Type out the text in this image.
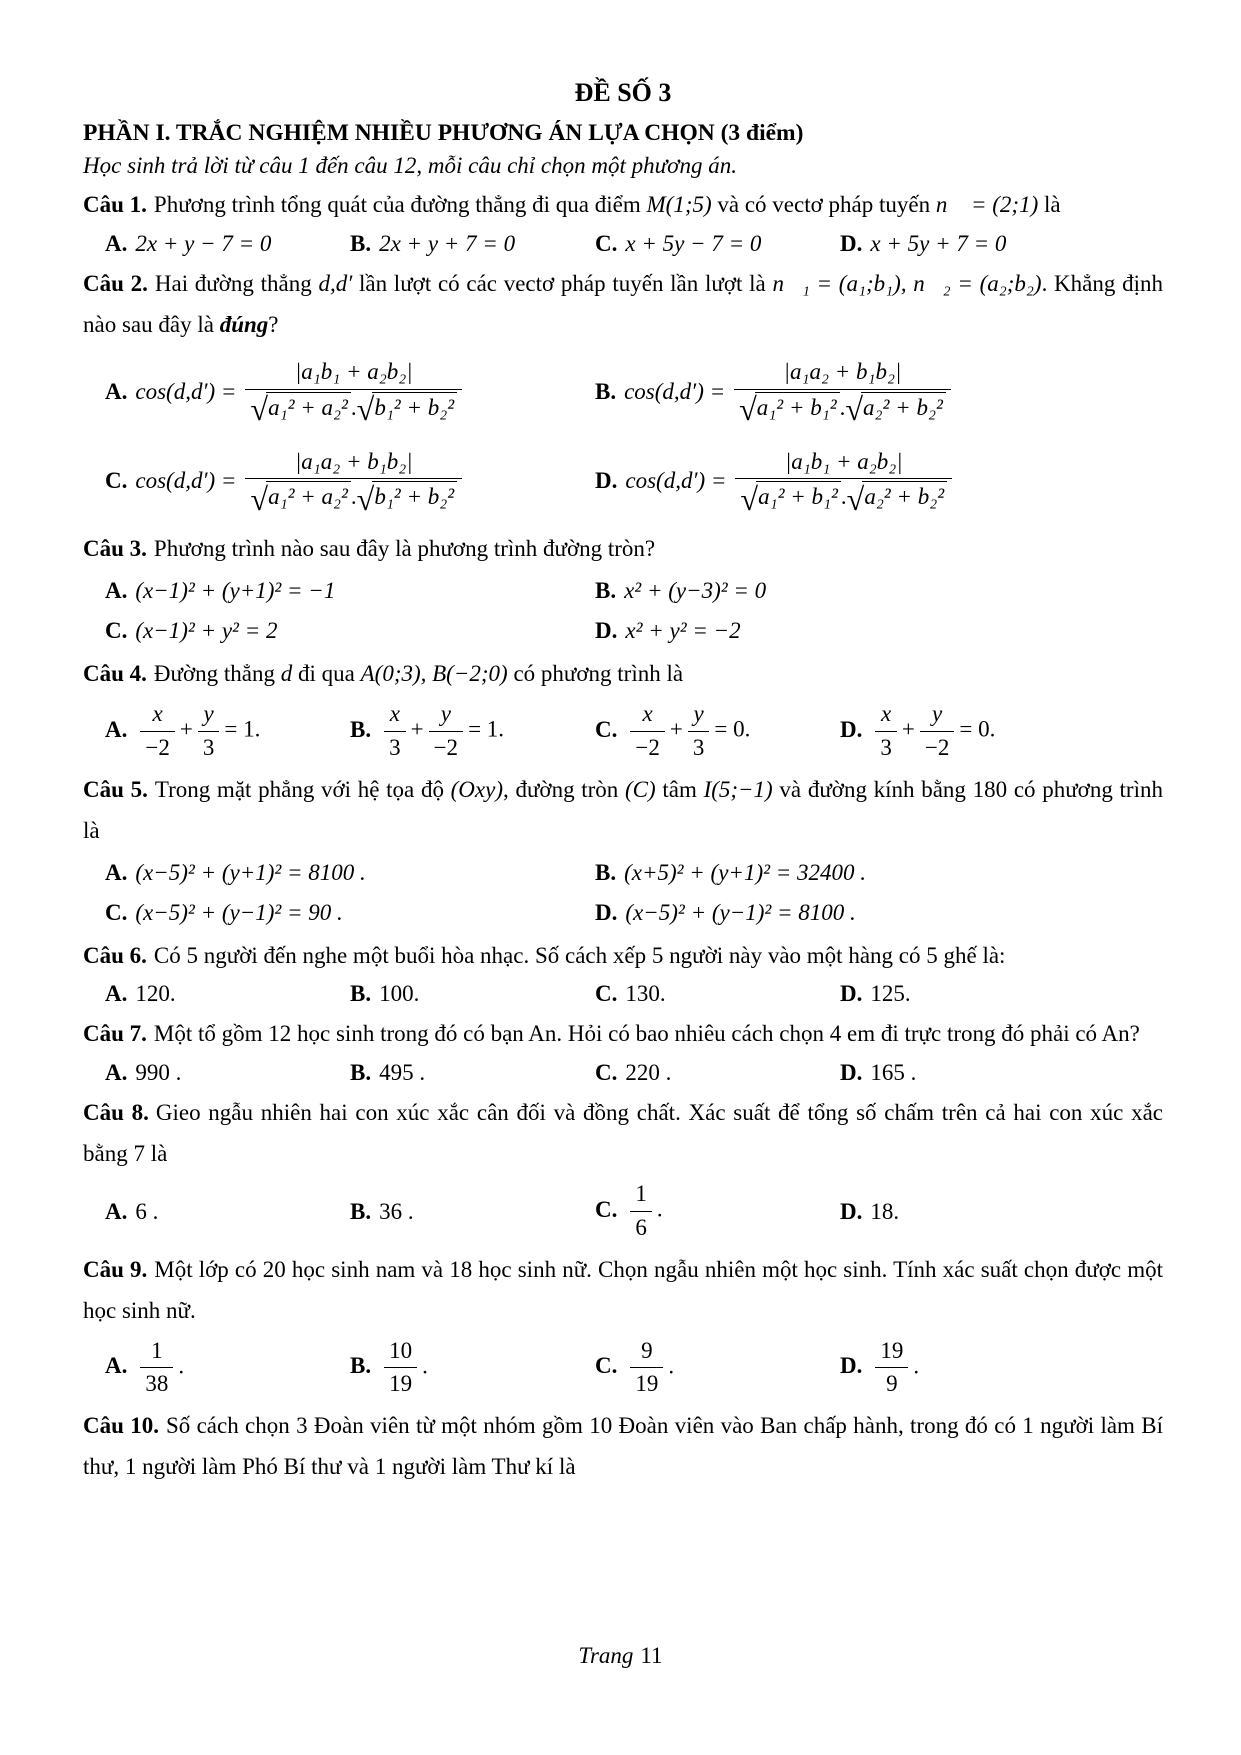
ĐỀ SỐ 3
PHẦN I. TRẮC NGHIỆM NHIỀU PHƯƠNG ÁN LỰA CHỌN (3 điểm)

Học sinh trả lời từ câu 1 đến câu 12, mỗi câu chỉ chọn một phương án.

Câu 1. Phương trình tổng quát của đường thẳng đi qua điểm M(1;5) và có vectơ pháp tuyến n⃗ = (2;1) là

A. 2x + y − 7 = 0	B. 2x + y + 7 = 0	C. x + 5y − 7 = 0	D. x + 5y + 7 = 0

Câu 2. Hai đường thẳng d,d′ lần lượt có các vectơ pháp tuyến lần lượt là n⃗₁ = (a₁;b₁), n⃗₂ = (a₂;b₂). Khẳng định nào sau đây là đúng?

A. $\cos(d,d') = \frac{\text{|a₁b₁ + a₂b₂|}}{\text{√a₁² + a₂² .√b₁² + b₂²}}$	B. $\cos(d,d') = \frac{\text{|a₁a₂ + b₁b₂|}}{\text{√a₁² + b₁² .√a₂² + b₂²}}$
C. $\cos(d,d') = \frac{\text{|a₁a₂ + b₁b₂|}}{\text{√a₁² + a₂² .√b₁² + b₂²}}$	D. $\cos(d,d') = \frac{\text{|a₁b₁ + a₂b₂|}}{\text{√a₁² + b₁² .√a₂² + b₂²}}$

Câu 3. Phương trình nào sau đây là phương trình đường tròn?

A. (x−1)² + (y+1)² = −1	B. x² + (y−3)² = 0
C. (x−1)² + y² = 2	D. x² + y² = −2

Câu 4. Đường thẳng d đi qua A(0;3), B(−2;0) có phương trình là

A. $\frac{x}{-2} + \frac{y}{3} = 1$.	B. $\frac{x}{3} + \frac{y}{-2} = 1$.	C. $\frac{x}{-2} + \frac{y}{3} = 0$.	D. $\frac{x}{3} + \frac{y}{-2} = 0$.

Câu 5. Trong mặt phẳng với hệ tọa độ (Oxy), đường tròn (C) tâm I(5;−1) và đường kính bằng 180 có phương trình là

A. (x−5)² + (y+1)² = 8100 .	B. (x+5)² + (y+1)² = 32400 .
C. (x−5)² + (y−1)² = 90 .	D. (x−5)² + (y−1)² = 8100 .

Câu 6. Có 5 người đến nghe một buổi hòa nhạc. Số cách xếp 5 người này vào một hàng có 5 ghế là:

A. 120.	B. 100.	C. 130.	D. 125.

Câu 7. Một tổ gồm 12 học sinh trong đó có bạn An. Hỏi có bao nhiêu cách chọn 4 em đi trực trong đó phải có An?

A. 990 .	B. 495 .	C. 220 .	D. 165 .

Câu 8. Gieo ngẫu nhiên hai con xúc xắc cân đối và đồng chất. Xác suất để tổng số chấm trên cả hai con xúc xắc bằng 7 là

A. 6 .	B. 36 .	C. $\frac{1}{6}$ .	D. 18.

Câu 9. Một lớp có 20 học sinh nam và 18 học sinh nữ. Chọn ngẫu nhiên một học sinh. Tính xác suất chọn được một học sinh nữ.

A. $\frac{1}{38}$ .	B. $\frac{10}{19}$ .	C. $\frac{9}{19}$ .	D. $\frac{19}{9}$ .

Câu 10. Số cách chọn 3 Đoàn viên từ một nhóm gồm 10 Đoàn viên vào Ban chấp hành, trong đó có 1 người làm Bí thư, 1 người làm Phó Bí thư và 1 người làm Thư kí là

Trang 11
